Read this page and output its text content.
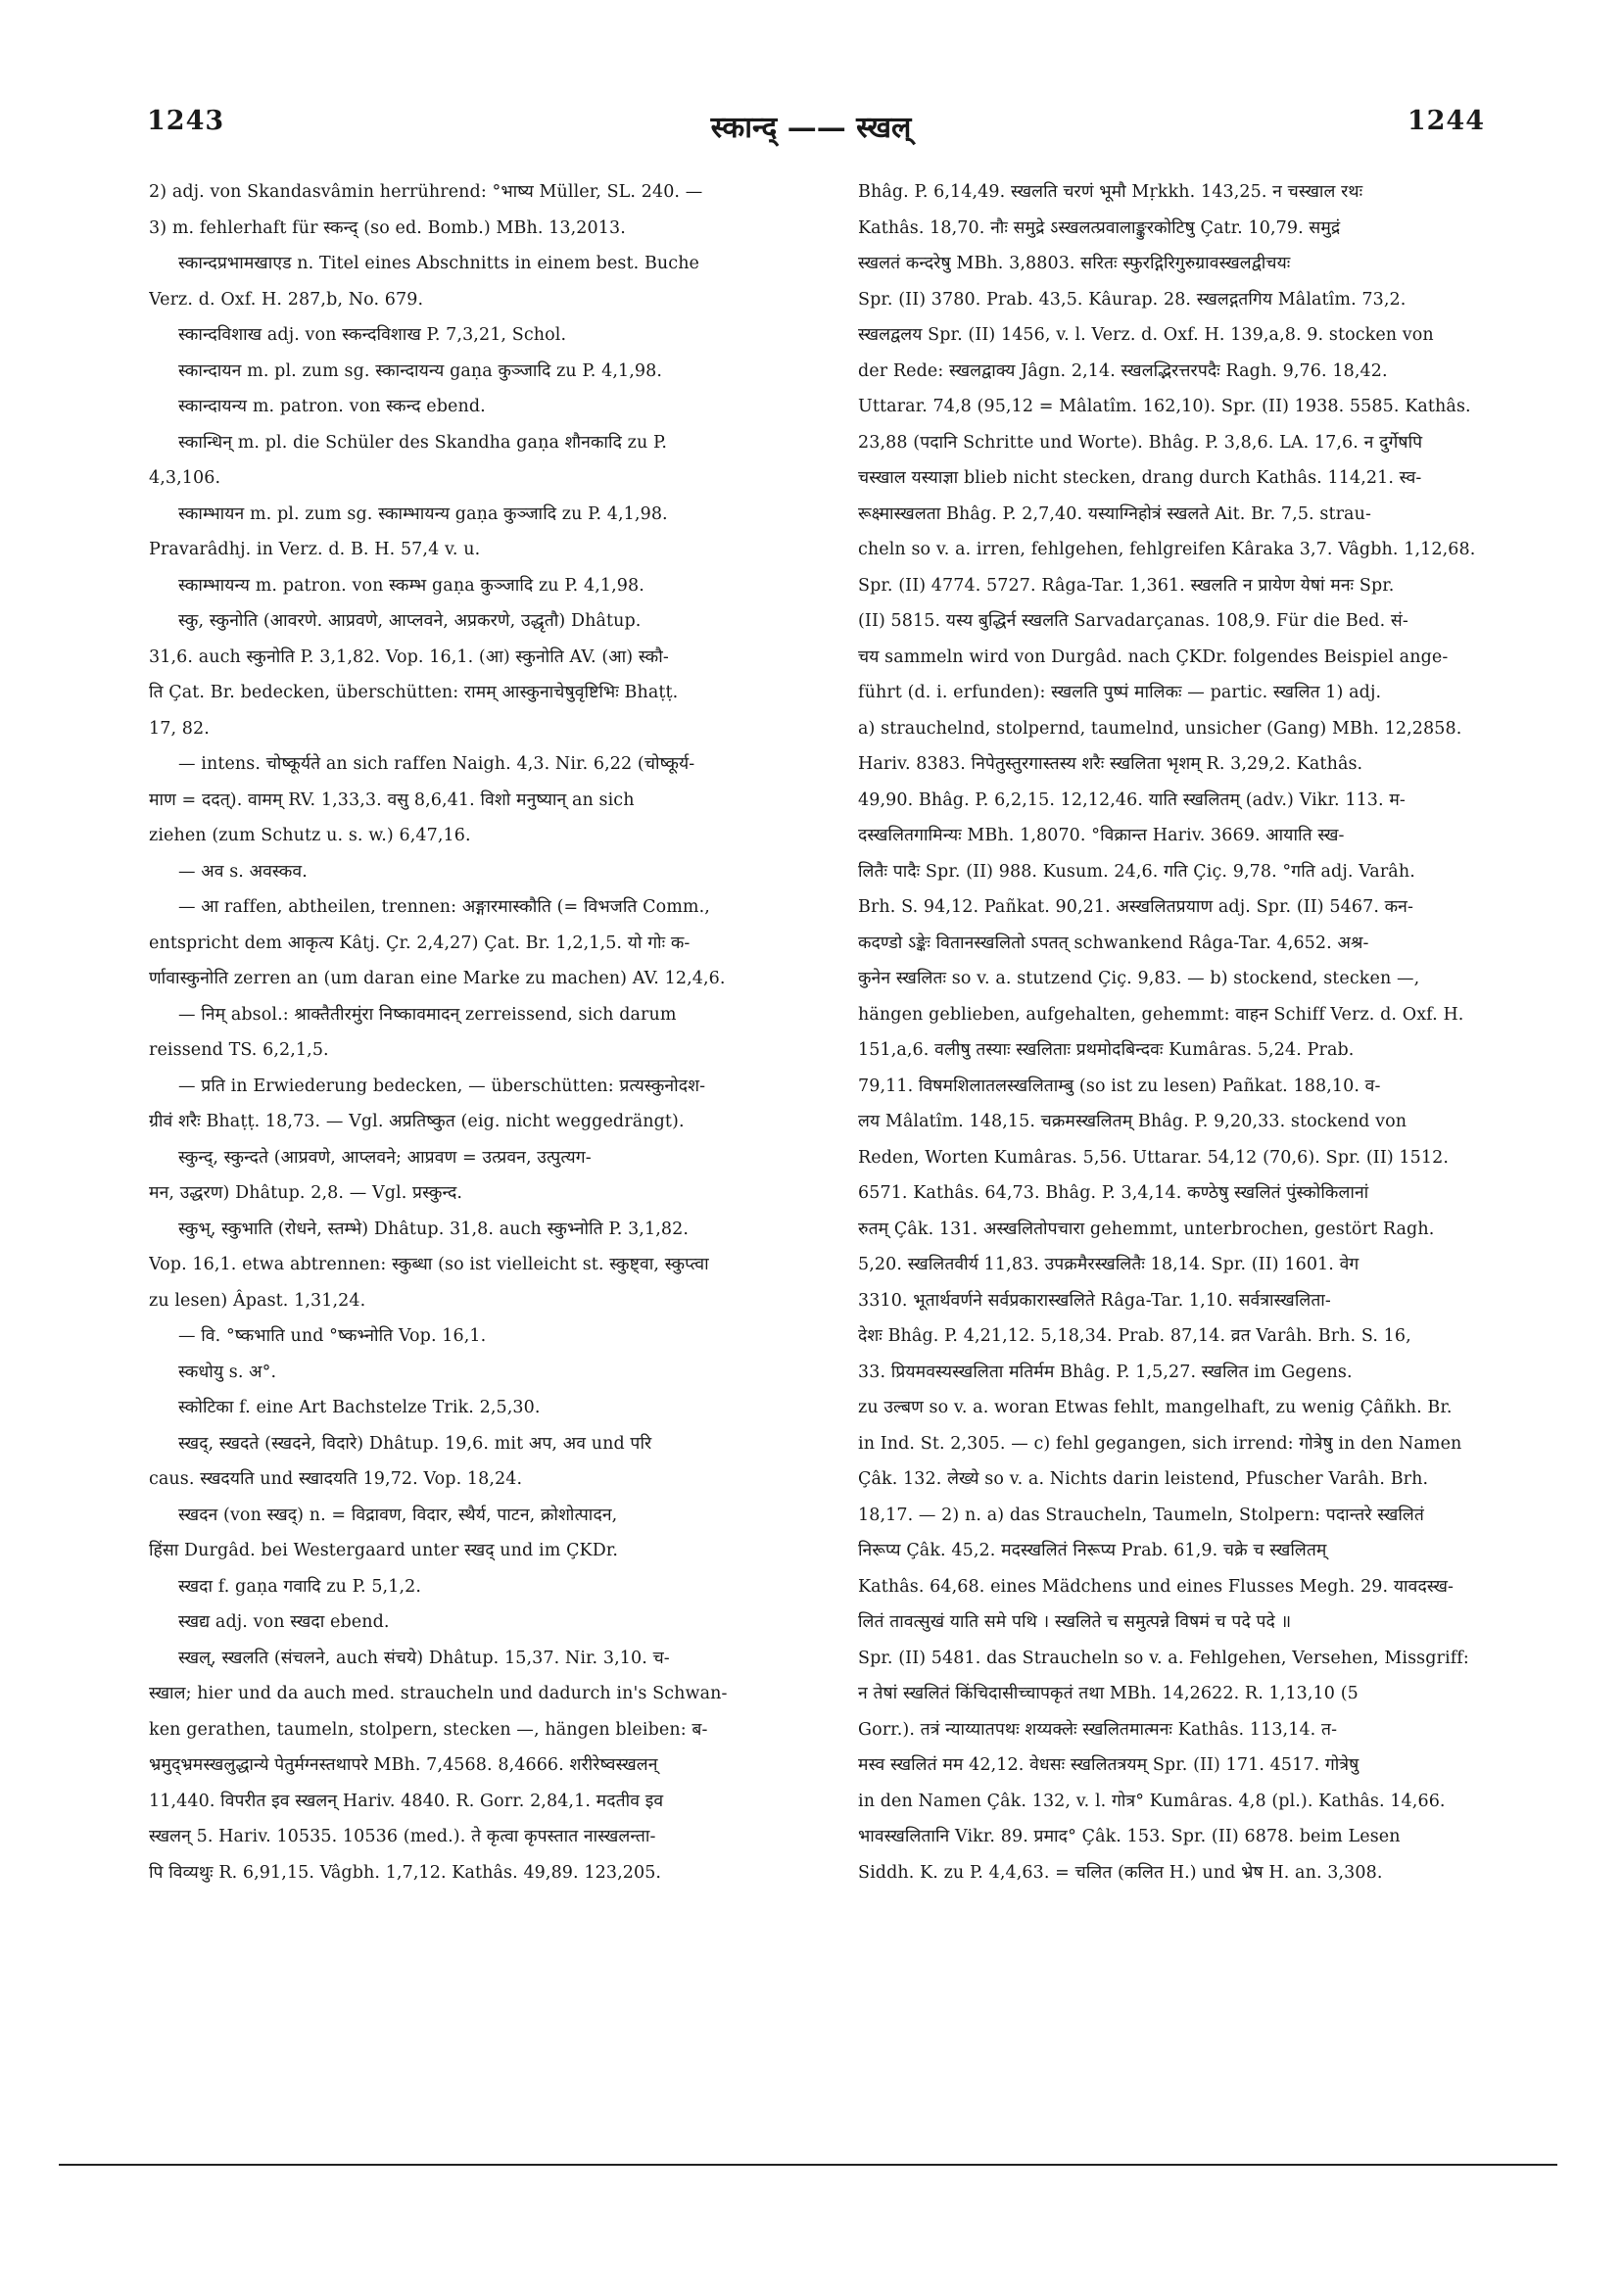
1243	स्कान्द् —— स्खल्	1244
2) adj. von Skandasvâmin herrührend: °भाष्य Müller, SL. 240. —
3) m. fehlerhaft für स्कन्द् (so ed. Bomb.) MBh. 13,2013.
स्कान्दप्रभामखाएड n. Titel eines Abschnitts in einem best. Buche
Verz. d. Oxf. H. 287,b, No. 679.
स्कान्दविशाख adj. von स्कन्दविशाख P. 7,3,21, Schol.
स्कान्दायन m. pl. zum sg. स्कान्दायन्य gaṇa कुञ्जादि zu P. 4,1,98.
स्कान्दायन्य m. patron. von स्कन्द ebend.
स्कान्धिन् m. pl. die Schüler des Skandha gaṇa शौनकादि zu P.
4,3,106.
स्काम्भायन m. pl. zum sg. स्काम्भायन्य gaṇa कुञ्जादि zu P. 4,1,98.
Pravarâdhj. in Verz. d. B. H. 57,4 v. u.
स्काम्भायन्य m. patron. von स्कम्भ gaṇa कुञ्जादि zu P. 4,1,98.
स्कु, स्कुनोति (आवरणे. आप्रवणे, आप्लवने, अप्रकरणे, उद्धृतौ) Dhâtup.
31,6. auch स्कुनोति P. 3,1,82. Vop. 16,1. (आ) स्कुनोति AV. (आ) स्कौ-
ति Çat. Br. bedecken, überschütten: रामम् आस्कुनाचेषुवृष्टिभिः Bhaṭṭ.
17, 82.
— intens. चोष्कूर्यते an sich raffen Naigh. 4,3. Nir. 6,22 (चोष्कूर्य-
माण = ददत्). वामम् RV. 1,33,3. वसु 8,6,41. विशो मनुष्यान् an sich
ziehen (zum Schutz u. s. w.) 6,47,16.
— अव s. अवस्कव.
— आ raffen, abtheilen, trennen: अङ्गारमास्कौति (= विभजति Comm.,
entspricht dem आकृत्य Kâtj. Çr. 2,4,27) Çat. Br. 1,2,1,5. यो गोः क-
र्णावास्कुनोति zerren an (um daran eine Marke zu machen) AV. 12,4,6.
— निम् absol.: श्राक्तैतीरमुंरा निष्कावमादन् zerreissend, sich darum
reissend TS. 6,2,1,5.
— प्रति in Erwiederung bedecken, — überschütten: प्रत्यस्कुनोदश-
ग्रीवं शरैः Bhaṭṭ. 18,73. — Vgl. अप्रतिष्कुत (eig. nicht weggedrängt).
स्कुन्द्, स्कुन्दते (आप्रवणे, आप्लवने; आप्रवण = उत्प्रवन, उत्पुत्यग-
मन, उद्धरण) Dhâtup. 2,8. — Vgl. प्रस्कुन्द.
स्कुभ्, स्कुभाति (रोधने, स्तम्भे) Dhâtup. 31,8. auch स्कुभ्नोति P. 3,1,82.
Vop. 16,1. etwa abtrennen: स्कुब्धा (so ist vielleicht st. स्कुष्ट्वा, स्कुप्त्वा
zu lesen) Âpast. 1,31,24.
— वि. °ष्कभाति und °ष्कभ्नोति Vop. 16,1.
स्कधोयु s. अ°.
स्कोटिका f. eine Art Bachstelze Trik. 2,5,30.
स्खद्, स्खदते (स्खदने, विदारे) Dhâtup. 19,6. mit अप, अव und परि
caus. स्खदयति und स्खादयति 19,72. Vop. 18,24.
स्खदन (von स्खद्) n. = विद्रावण, विदार, स्थैर्य, पाटन, क्रोशोत्पादन,
हिंसा Durgâd. bei Westergaard unter स्खद् und im ÇKDr.
स्खदा f. gaṇa गवादि zu P. 5,1,2.
स्खद्य adj. von स्खदा ebend.
स्खल्, स्खलति (संचलने, auch संचये) Dhâtup. 15,37. Nir. 3,10. च-
स्खाल; hier und da auch med. straucheln und dadurch in's Schwan-
ken gerathen, taumeln, stolpern, stecken —, hängen bleiben: ब-
भ्रमुद्भ्रमस्खलुद्धान्ये पेतुर्मग्नस्तथापरे MBh. 7,4568. 8,4666. शरीरेष्वस्खलन्
11,440. विपरीत इव स्खलन् Hariv. 4840. R. Gorr. 2,84,1. मदतीव इव
स्खलन् 5. Hariv. 10535. 10536 (med.). ते कृत्वा कृपस्तात नास्खलन्ता-
पि विव्यथुः R. 6,91,15. Vâgbh. 1,7,12. Kathâs. 49,89. 123,205.
Bhâg. P. 6,14,49. स्खलति चरणं भूमौ Mṛkkh. 143,25. न चस्खाल रथः
Kathâs. 18,70. नौः समुद्रे ऽस्खलत्प्रवालाङ्कुरकोटिषु Çatr. 10,79. समुद्रं
स्खलतं कन्दरेषु MBh. 3,8803. सरितः स्फुरद्गिरिगुरुग्रावस्खलद्वीचयः
Spr. (II) 3780. Prab. 43,5. Kâurap. 28. स्खलद्गतगिय Mâlatîm. 73,2.
स्खलद्वलय Spr. (II) 1456, v. l. Verz. d. Oxf. H. 139,a,8. 9. stocken von
der Rede: स्खलद्वाक्य Jâgn. 2,14. स्खलद्भिरत्तरपदैः Ragh. 9,76. 18,42.
Uttarar. 74,8 (95,12 = Mâlatîm. 162,10). Spr. (II) 1938. 5585. Kathâs.
23,88 (पदानि Schritte und Worte). Bhâg. P. 3,8,6. LA. 17,6. न दुर्गेषपि
चस्खाल यस्याज्ञा blieb nicht stecken, drang durch Kathâs. 114,21. स्व-
रूक्ष्मास्खलता Bhâg. P. 2,7,40. यस्याग्निहोत्रं स्खलते Ait. Br. 7,5. strau-
cheln so v. a. irren, fehlgehen, fehlgreifen Kâraka 3,7. Vâgbh. 1,12,68.
Spr. (II) 4774. 5727. Râga-Tar. 1,361. स्खलति न प्रायेण येषां मनः Spr.
(II) 5815. यस्य बुद्धिर्न स्खलति Sarvadarçanas. 108,9. Für die Bed. सं-
चय sammeln wird von Durgâd. nach ÇKDr. folgendes Beispiel ange-
führt (d. i. erfunden): स्खलति पुष्पं मालिकः — partic. स्खलित 1) adj.
a) strauchelnd, stolpernd, taumelnd, unsicher (Gang) MBh. 12,2858.
Hariv. 8383. निपेतुस्तुरगास्तस्य शरैः स्खलिता भृशम् R. 3,29,2. Kathâs.
49,90. Bhâg. P. 6,2,15. 12,12,46. याति स्खलितम् (adv.) Vikr. 113. म-
दस्खलितगामिन्यः MBh. 1,8070. °विक्रान्त Hariv. 3669. आयाति स्ख-
लितैः पादैः Spr. (II) 988. Kusum. 24,6. गति Çiç. 9,78. °गति adj. Varâh.
Brh. S. 94,12. Pañkat. 90,21. अस्खलितप्रयाण adj. Spr. (II) 5467. कन-
कदण्डो ऽङ्केः वितानस्खलितो ऽपतत् schwankend Râga-Tar. 4,652. अश्र-
कुनेन स्खलितः so v. a. stutzend Çiç. 9,83. — b) stockend, stecken —,
hängen geblieben, aufgehalten, gehemmt: वाहन Schiff Verz. d. Oxf. H.
151,a,6. वलीषु तस्याः स्खलिताः प्रथमोदबिन्दवः Kumâras. 5,24. Prab.
79,11. विषमशिलातलस्खलिताम्बु (so ist zu lesen) Pañkat. 188,10. व-
लय Mâlatîm. 148,15. चक्रमस्खलितम् Bhâg. P. 9,20,33. stockend von
Reden, Worten Kumâras. 5,56. Uttarar. 54,12 (70,6). Spr. (II) 1512.
6571. Kathâs. 64,73. Bhâg. P. 3,4,14. कण्ठेषु स्खलितं पुंस्कोकिलानां
रुतम् Çâk. 131. अस्खलितोपचारा gehemmt, unterbrochen, gestört Ragh.
5,20. स्खलितवीर्य 11,83. उपक्रमैरस्खलितैः 18,14. Spr. (II) 1601. वेग
3310. भूतार्थवर्णने सर्वप्रकारास्खलिते Râga-Tar. 1,10. सर्वत्रास्खलिता-
देशः Bhâg. P. 4,21,12. 5,18,34. Prab. 87,14. व्रत Varâh. Brh. S. 16,
33. प्रियमवस्यस्खलिता मतिर्मम Bhâg. P. 1,5,27. स्खलित im Gegens.
zu उल्बण so v. a. woran Etwas fehlt, mangelhaft, zu wenig Çâñkh. Br.
in Ind. St. 2,305. — c) fehl gegangen, sich irrend: गोत्रेषु in den Namen
Çâk. 132. लेख्ये so v. a. Nichts darin leistend, Pfuscher Varâh. Brh.
18,17. — 2) n. a) das Straucheln, Taumeln, Stolpern: पदान्तरे स्खलितं
निरूप्य Çâk. 45,2. मदस्खलितं निरूप्य Prab. 61,9. चक्रे च स्खलितम्
Kathâs. 64,68. eines Mädchens und eines Flusses Megh. 29. यावदस्ख-
लितं तावत्सुखं याति समे पथि । स्खलिते च समुत्पन्ने विषमं च पदे पदे ॥
Spr. (II) 5481. das Straucheln so v. a. Fehlgehen, Versehen, Missgriff:
न तेषां स्खलितं किंचिदासीच्चापकृतं तथा MBh. 14,2622. R. 1,13,10 (5
Gorr.). तत्रं न्याय्यातपथः शय्यक्लेः स्खलितमात्मनः Kathâs. 113,14. त-
मस्व स्खलितं मम 42,12. वेधसः स्खलितत्रयम् Spr. (II) 171. 4517. गोत्रेषु
in den Namen Çâk. 132, v. l. गोत्र° Kumâras. 4,8 (pl.). Kathâs. 14,66.
भावस्खलितानि Vikr. 89. प्रमाद° Çâk. 153. Spr. (II) 6878. beim Lesen
Siddh. K. zu P. 4,4,63. = चलित (कलित H.) und भ्रेष H. an. 3,308.
